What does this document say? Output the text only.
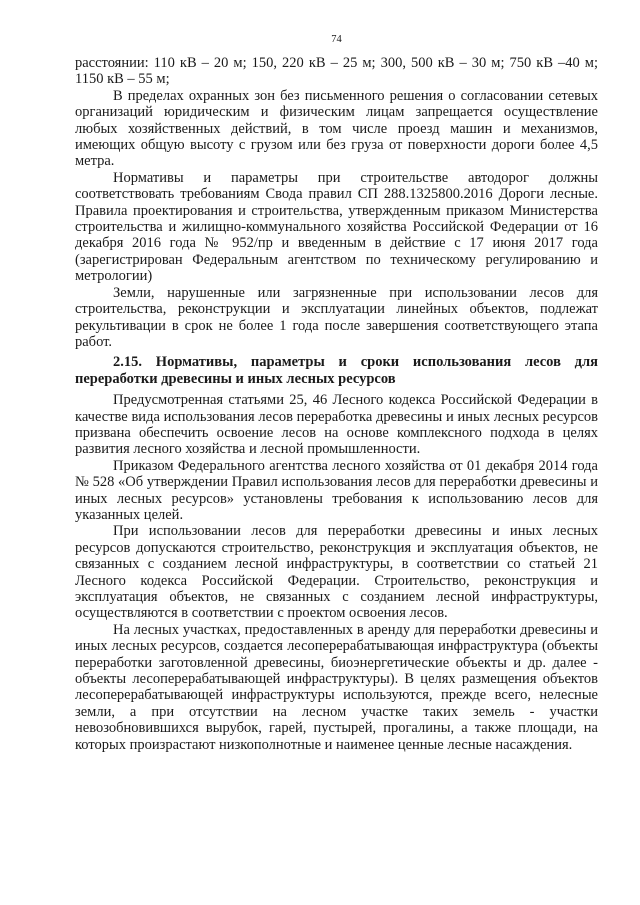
74

расстоянии: 110 кВ – 20 м; 150, 220 кВ – 25 м; 300, 500 кВ – 30 м; 750 кВ –40 м; 1150 кВ – 55 м;

В пределах охранных зон без письменного решения о согласовании сетевых организаций юридическим и физическим лицам запрещается осуществление любых хозяйственных действий, в том числе проезд машин и механизмов, имеющих общую высоту с грузом или без груза от поверхности дороги более 4,5 метра.

Нормативы и параметры при строительстве автодорог должны соответствовать требованиям Свода правил СП 288.1325800.2016 Дороги лесные. Правила проектирования и строительства, утвержденным приказом Министерства строительства и жилищно-коммунального хозяйства Российской Федерации от 16 декабря 2016 года № 952/пр и введенным в действие с 17 июня 2017 года (зарегистрирован Федеральным агентством по техническому регулированию и метрологии)

Земли, нарушенные или загрязненные при использовании лесов для строительства, реконструкции и эксплуатации линейных объектов, подлежат рекультивации в срок не более 1 года после завершения соответствующего этапа работ.

2.15. Нормативы, параметры и сроки использования лесов для переработки древесины и иных лесных ресурсов

Предусмотренная статьями 25, 46 Лесного кодекса Российской Федерации в качестве вида использования лесов переработка древесины и иных лесных ресурсов призвана обеспечить освоение лесов на основе комплексного подхода в целях развития лесного хозяйства и лесной промышленности.

Приказом Федерального агентства лесного хозяйства от 01 декабря 2014 года № 528 «Об утверждении Правил использования лесов для переработки древесины и иных лесных ресурсов» установлены требования к использованию лесов для указанных целей.

При использовании лесов для переработки древесины и иных лесных ресурсов допускаются строительство, реконструкция и эксплуатация объектов, не связанных с созданием лесной инфраструктуры, в соответствии со статьей 21 Лесного кодекса Российской Федерации. Строительство, реконструкция и эксплуатация объектов, не связанных с созданием лесной инфраструктуры, осуществляются в соответствии с проектом освоения лесов.

На лесных участках, предоставленных в аренду для переработки древесины и иных лесных ресурсов, создается лесоперерабатывающая инфраструктура (объекты переработки заготовленной древесины, биоэнергетические объекты и др. далее - объекты лесоперерабатывающей инфраструктуры). В целях размещения объектов лесоперерабатывающей инфраструктуры используются, прежде всего, нелесные земли, а при отсутствии на лесном участке таких земель - участки невозобновившихся вырубок, гарей, пустырей, прогалины, а также площади, на которых произрастают низкополнотные и наименее ценные лесные насаждения.
